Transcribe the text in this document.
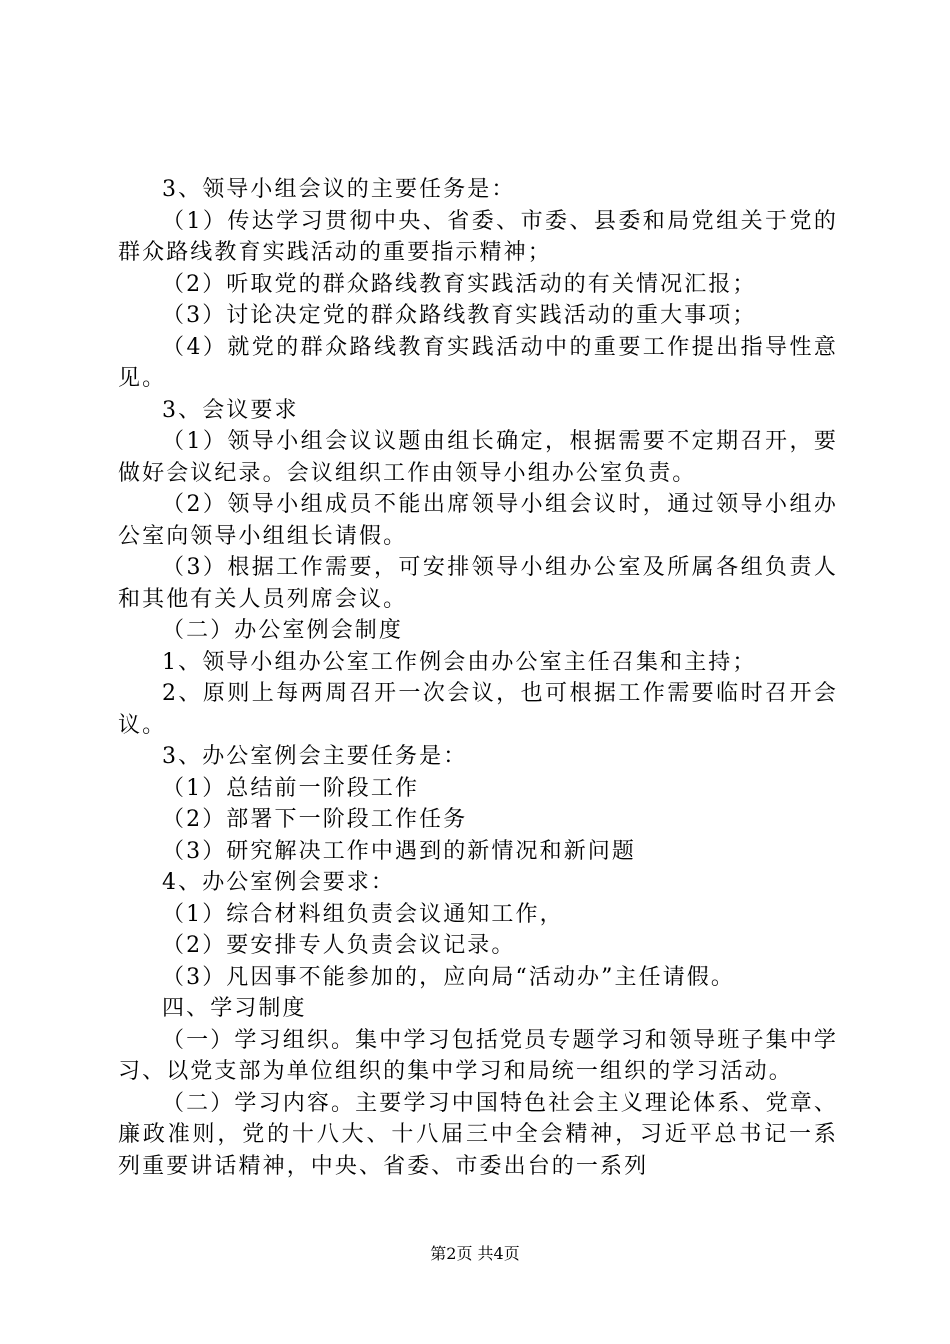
3、领导小组会议的主要任务是：

（1）传达学习贯彻中央、省委、市委、县委和局党组关于党的群众路线教育实践活动的重要指示精神；

（2）听取党的群众路线教育实践活动的有关情况汇报；

（3）讨论决定党的群众路线教育实践活动的重大事项；

（4）就党的群众路线教育实践活动中的重要工作提出指导性意见。

3、会议要求

（1）领导小组会议议题由组长确定，根据需要不定期召开，要做好会议纪录。会议组织工作由领导小组办公室负责。

（2）领导小组成员不能出席领导小组会议时，通过领导小组办公室向领导小组组长请假。

（3）根据工作需要，可安排领导小组办公室及所属各组负责人和其他有关人员列席会议。

（二）办公室例会制度

1、领导小组办公室工作例会由办公室主任召集和主持；

2、原则上每两周召开一次会议，也可根据工作需要临时召开会议。

3、办公室例会主要任务是：

（1）总结前一阶段工作

（2）部署下一阶段工作任务

（3）研究解决工作中遇到的新情况和新问题

4、办公室例会要求：

（1）综合材料组负责会议通知工作，

（2）要安排专人负责会议记录。

（3）凡因事不能参加的，应向局“活动办”主任请假。

四、学习制度

（一）学习组织。集中学习包括党员专题学习和领导班子集中学习、以党支部为单位组织的集中学习和局统一组织的学习活动。

（二）学习内容。主要学习中国特色社会主义理论体系、党章、廉政准则，党的十八大、十八届三中全会精神，习近平总书记一系列重要讲话精神，中央、省委、市委出台的一系列

第2页 共4页
